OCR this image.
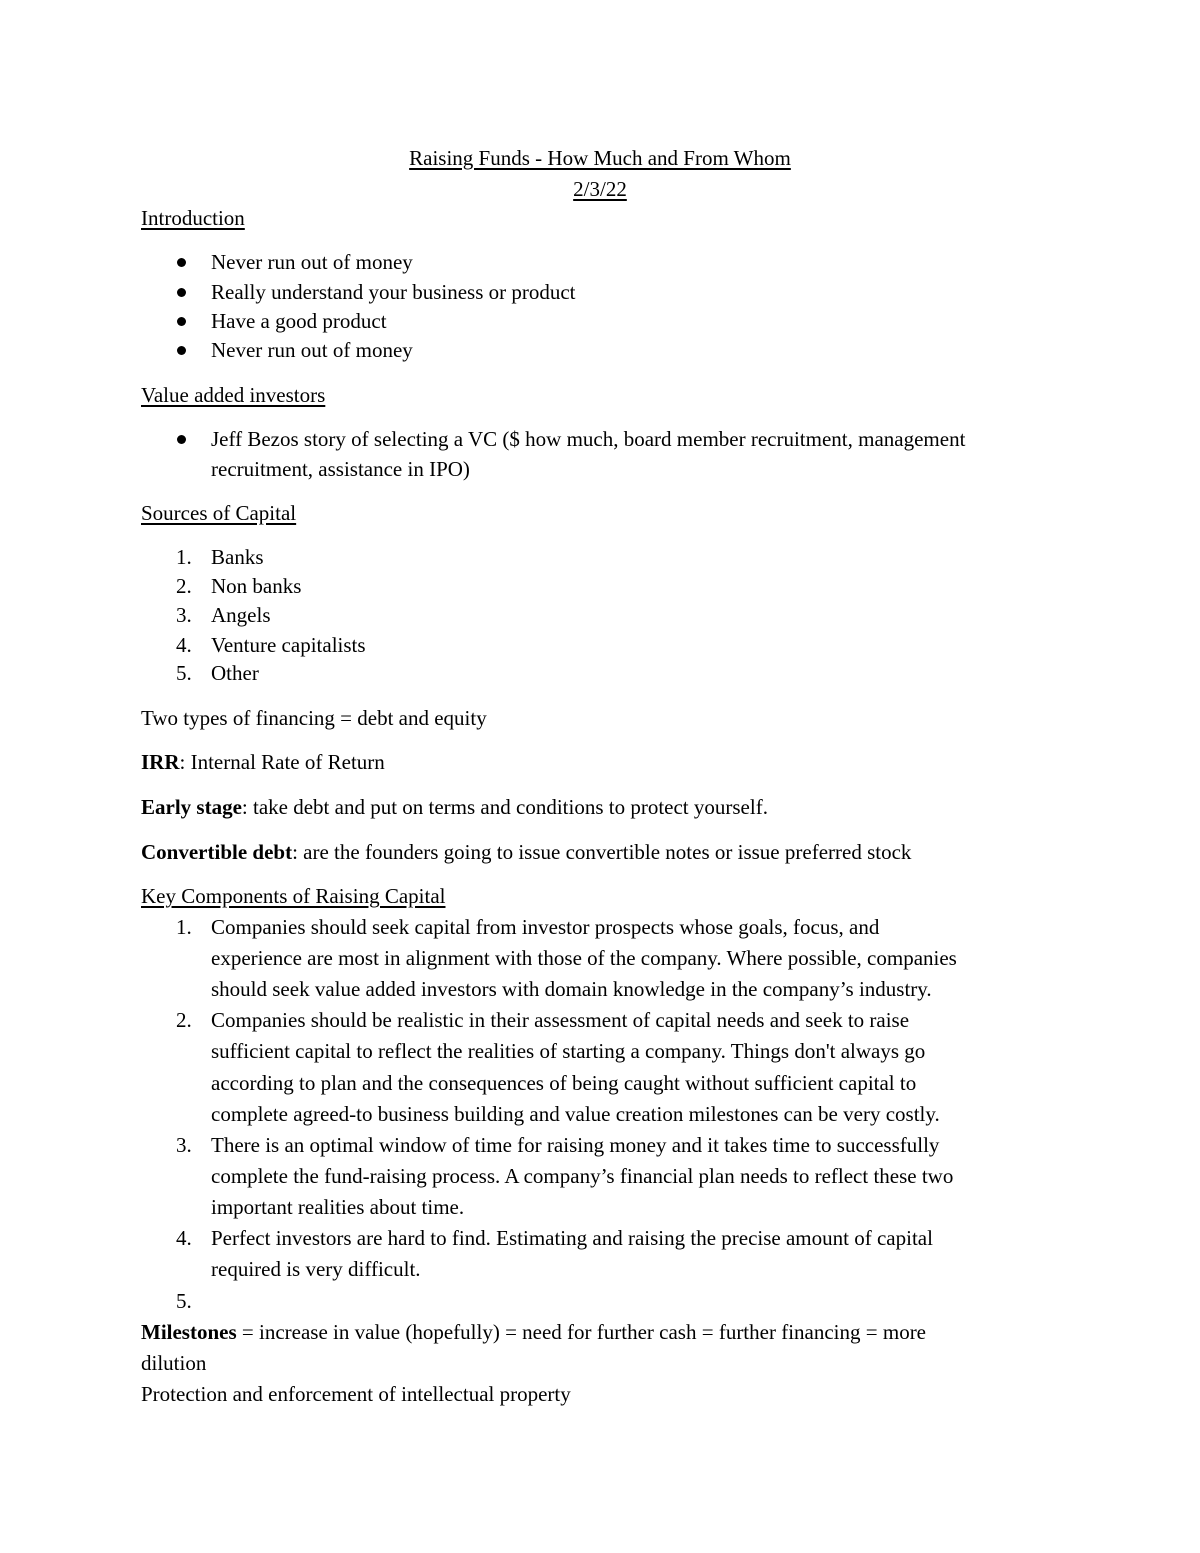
Raising Funds - How Much and From Whom
2/3/22
Introduction
Never run out of money
Really understand your business or product
Have a good product
Never run out of money
Value added investors
Jeff Bezos story of selecting a VC ($ how much, board member recruitment, management
recruitment, assistance in IPO)
Sources of Capital
1. Banks
2. Non banks
3. Angels
4. Venture capitalists
5. Other
Two types of financing = debt and equity
IRR: Internal Rate of Return
Early stage: take debt and put on terms and conditions to protect yourself.
Convertible debt: are the founders going to issue convertible notes or issue preferred stock
Key Components of Raising Capital
1. Companies should seek capital from investor prospects whose goals, focus, and
experience are most in alignment with those of the company. Where possible, companies
should seek value added investors with domain knowledge in the company’s industry.
2. Companies should be realistic in their assessment of capital needs and seek to raise
sufficient capital to reflect the realities of starting a company. Things don't always go
according to plan and the consequences of being caught without sufficient capital to
complete agreed-to business building and value creation milestones can be very costly.
3. There is an optimal window of time for raising money and it takes time to successfully
complete the fund-raising process. A company’s financial plan needs to reflect these two
important realities about time.
4. Perfect investors are hard to find. Estimating and raising the precise amount of capital
required is very difficult.
5.
Milestones = increase in value (hopefully) = need for further cash = further financing = more
dilution
Protection and enforcement of intellectual property
